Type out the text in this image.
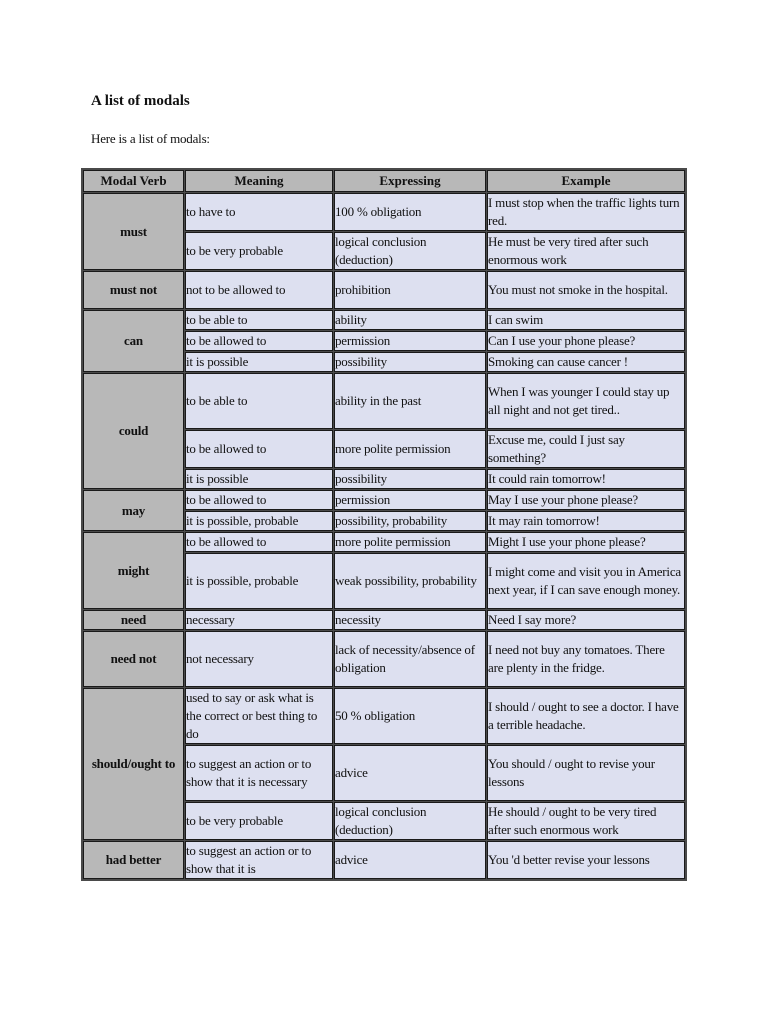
A list of modals

Here is a list of modals:

Modal Verb	Meaning	Expressing	Example
must	to have to	100 % obligation	I must stop when the traffic lights turn red.
	to be very probable	logical conclusion (deduction)	He must be very tired after such enormous work
must not	not to be allowed to	prohibition	You must not smoke in the hospital.
can	to be able to	ability	I can swim
	to be allowed to	permission	Can I use your phone please?
	it is possible	possibility	Smoking can cause cancer !
could	to be able to	ability in the past	When I was younger I could stay up all night and not get tired..
	to be allowed to	more polite permission	Excuse me, could I just say something?
	it is possible	possibility	It could rain tomorrow!
may	to be allowed to	permission	May I use your phone please?
	it is possible, probable	possibility, probability	It may rain tomorrow!
might	to be allowed to	more polite permission	Might I use your phone please?
	it is possible, probable	weak possibility, probability	I might come and visit you in America next year, if I can save enough money.
need	necessary	necessity	Need I say more?
need not	not necessary	lack of necessity/absence of obligation	I need not buy any tomatoes. There are plenty in the fridge.
should/ought to	used to say or ask what is the correct or best thing to do	50 % obligation	I should / ought to see a doctor. I have a terrible headache.
	to suggest an action or to show that it is necessary	advice	You should / ought to revise your lessons
	to be very probable	logical conclusion (deduction)	He should / ought to be very tired after such enormous work
had better	to suggest an action or to show that it is	advice	You 'd better revise your lessons
